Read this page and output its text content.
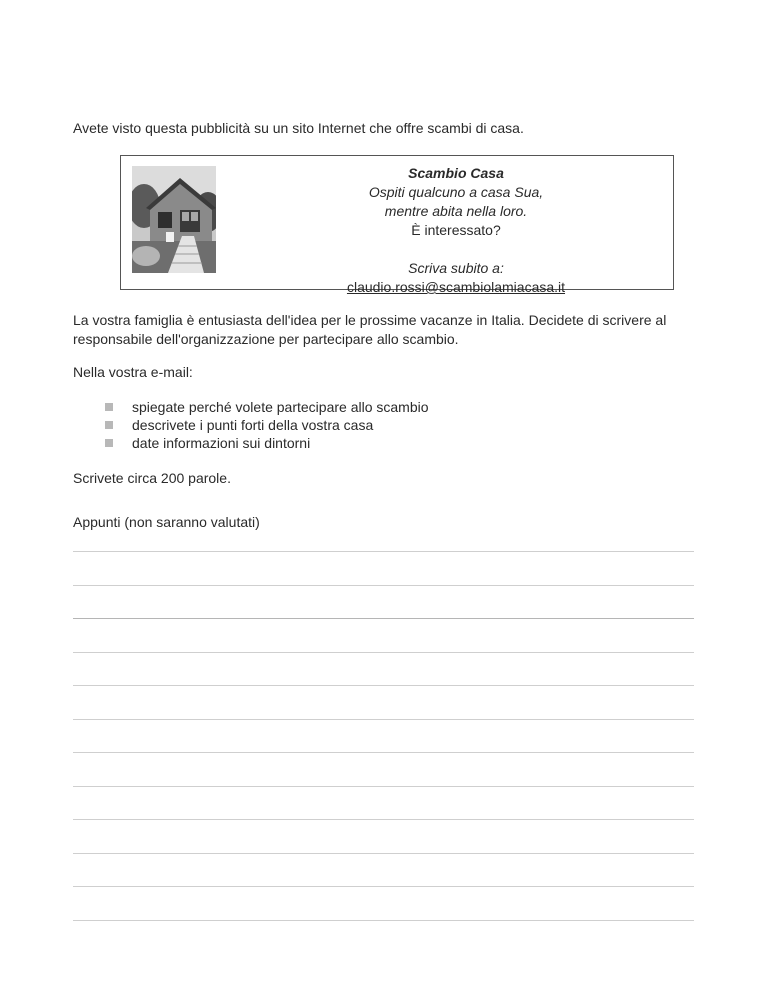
Avete visto questa pubblicità su un sito Internet che offre scambi di casa.
Scambio Casa
Ospiti qualcuno a casa Sua,
mentre abita nella loro.
È interessato?
Scriva subito a:
claudio.rossi@scambiolamiacasa.it
La vostra famiglia è entusiasta dell'idea per le prossime vacanze in Italia. Decidete di scrivere al responsabile dell'organizzazione per partecipare allo scambio.
Nella vostra e-mail:
spiegate perché volete partecipare allo scambio
descrivete i punti forti della vostra casa
date informazioni sui dintorni
Scrivete circa 200 parole.
Appunti (non saranno valutati)
